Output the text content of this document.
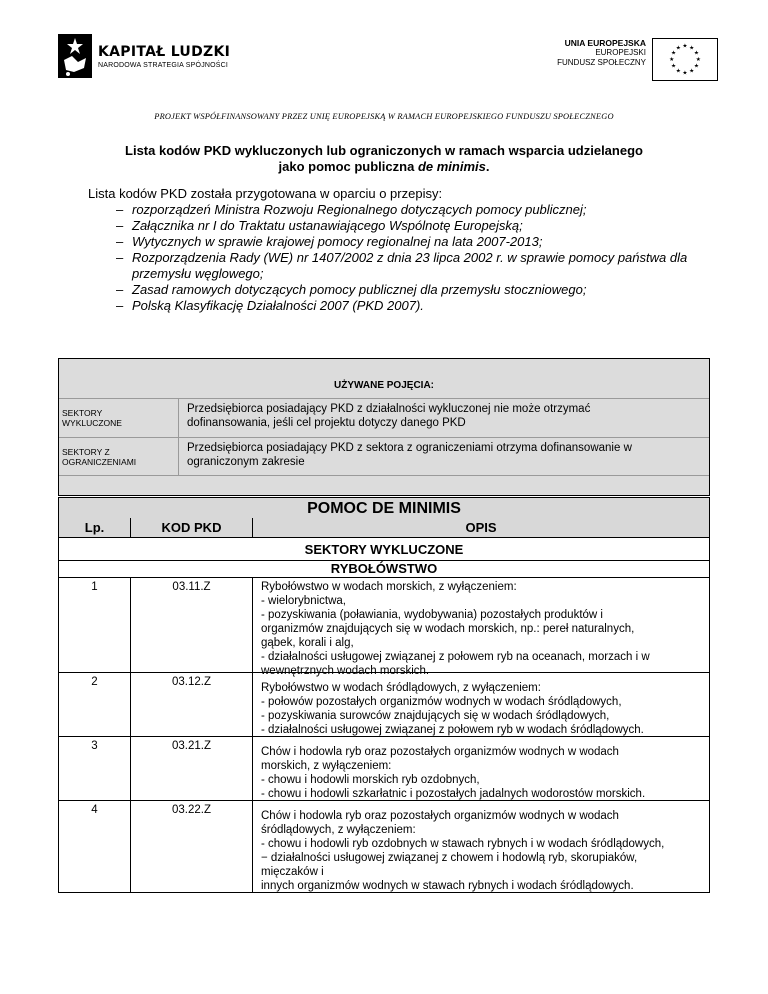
KAPITAŁ LUDZKI
NARODOWA STRATEGIA SPÓJNOŚCI
UNIA EUROPEJSKA
EUROPEJSKI
FUNDUSZ SPOŁECZNY
★ ★
★
★
★
★
★
★
★
★
★
★
PROJEKT WSPÓŁFINANSOWANY PRZEZ UNIĘ EUROPEJSKĄ W RAMACH EUROPEJSKIEGO FUNDUSZU SPOŁECZNEGO
Lista kodów PKD wykluczonych lub ograniczonych w ramach wsparcia udzielanego
jako pomoc publiczna de minimis.
Lista kodów PKD została przygotowana w oparciu o przepisy:
– rozporządzeń Ministra Rozwoju Regionalnego dotyczących pomocy publicznej;
– Załącznika nr I do Traktatu ustanawiającego Wspólnotę Europejską;
– Wytycznych w sprawie krajowej pomocy regionalnej na lata 2007-2013;
– Rozporządzenia Rady (WE) nr 1407/2002 z dnia 23 lipca 2002 r. w sprawie pomocy państwa dla przemysłu węglowego;
– Zasad ramowych dotyczących pomocy publicznej dla przemysłu stoczniowego;
– Polską Klasyfikację Działalności 2007 (PKD 2007).
UŻYWANE POJĘCIA:
SEKTORY
WYKLUCZONE
Przedsiębiorca posiadający PKD z działalności wykluczonej nie może otrzymać
dofinansowania, jeśli cel projektu dotyczy danego PKD
SEKTORY Z
OGRANICZENIAMI
Przedsiębiorca posiadający PKD z sektora z ograniczeniami otrzyma dofinansowanie w
ograniczonym zakresie
POMOC DE MINIMIS
Lp.	KOD PKD	OPIS
SEKTORY WYKLUCZONE
RYBOŁÓWSTWO
1	03.11.Z	Rybołówstwo w wodach morskich, z wyłączeniem:
- wielorybnictwa,
- pozyskiwania (poławiania, wydobywania) pozostałych produktów i
organizmów znajdujących się w wodach morskich, np.: pereł naturalnych,
gąbek, korali i alg,
- działalności usługowej związanej z połowem ryb na oceanach, morzach i w
wewnętrznych wodach morskich.
2	03.12.Z	Rybołówstwo w wodach śródlądowych, z wyłączeniem:
- połowów pozostałych organizmów wodnych w wodach śródlądowych,
- pozyskiwania surowców znajdujących się w wodach śródlądowych,
- działalności usługowej związanej z połowem ryb w wodach śródlądowych.
3	03.21.Z	Chów i hodowla ryb oraz pozostałych organizmów wodnych w wodach
morskich, z wyłączeniem:
- chowu i hodowli morskich ryb ozdobnych,
- chowu i hodowli szkarłatnic i pozostałych jadalnych wodorostów morskich.
4	03.22.Z	Chów i hodowla ryb oraz pozostałych organizmów wodnych w wodach
śródlądowych, z wyłączeniem:
- chowu i hodowli ryb ozdobnych w stawach rybnych i w wodach śródlądowych,
− działalności usługowej związanej z chowem i hodowlą ryb, skorupiaków,
mięczaków i
innych organizmów wodnych w stawach rybnych i wodach śródlądowych.
